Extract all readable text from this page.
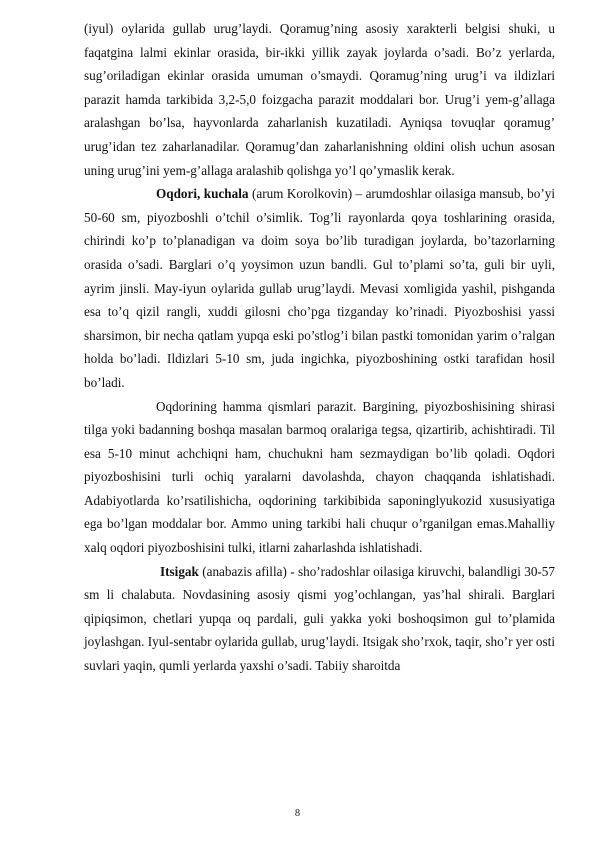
(iyul) oylarida gullab urug’laydi. Qoramug’ning asosiy xarakterli belgisi shuki, u faqatgina lalmi ekinlar orasida, bir-ikki yillik zayak joylarda o’sadi. Bo’z yerlarda, sug’oriladigan ekinlar orasida umuman o’smaydi. Qoramug’ning urug’i va ildizlari parazit hamda tarkibida 3,2-5,0 foizgacha parazit moddalari bor. Urug’i yem-g’allaga aralashgan bo’lsa, hayvonlarda zaharlanish kuzatiladi. Ayniqsa tovuqlar qoramug’ urug’idan tez zaharlanadilar. Qoramug’dan zaharlanishning oldini olish uchun asosan uning urug’ini yem-g’allaga aralashib qolishga yo’l qo’ymaslik kerak.

Oqdori, kuchala (arum Korolkovin) – arumdoshlar oilasiga mansub, bo’yi 50-60 sm, piyozboshli o’tchil o’simlik. Tog’li rayonlarda qoya toshlarining orasida, chirindi ko’p to’planadigan va doim soya bo’lib turadigan joylarda, bo’tazorlarning orasida o’sadi. Barglari o’q yoysimon uzun bandli. Gul to’plami so’ta, guli bir uyli, ayrim jinsli. May-iyun oylarida gullab urug’laydi. Mevasi xomligida yashil, pishganda esa to’q qizil rangli, xuddi gilosni cho’pga tizganday ko’rinadi. Piyozboshisi yassi sharsimon, bir necha qatlam yupqa eski po’stlog’i bilan pastki tomonidan yarim o’ralgan holda bo’ladi. Ildizlari 5-10 sm, juda ingichka, piyozboshining ostki tarafidan hosil bo’ladi.

Oqdorining hamma qismlari parazit. Bargining, piyozboshisining shirasi tilga yoki badanning boshqa masalan barmoq oralariga tegsa, qizartirib, achishtiradi. Til esa 5-10 minut achchiqni ham, chuchukni ham sezmaydigan bo’lib qoladi. Oqdori piyozboshisini turli ochiq yaralarni davolashda, chayon chaqqanda ishlatishadi. Adabiyotlarda ko’rsatilishicha, oqdorining tarkibibida saponinglyukozid xususiyatiga ega bo’lgan moddalar bor. Ammo uning tarkibi hali chuqur o’rganilgan emas.Mahalliy xalq oqdori piyozboshisini tulki, itlarni zaharlashda ishlatishadi.

Itsigak (anabazis afilla) - sho’radoshlar oilasiga kiruvchi, balandligi 30-57 sm li chalabuta. Novdasining asosiy qismi yog’ochlangan, yas’hal shirali. Barglari qipiqsimon, chetlari yupqa oq pardali, guli yakka yoki boshoqsimon gul to’plamida joylashgan. Iyul-sentabr oylarida gullab, urug’laydi. Itsigak sho’rxok, taqir, sho’r yer osti suvlari yaqin, qumli yerlarda yaxshi o’sadi. Tabiiy sharoitda

8
